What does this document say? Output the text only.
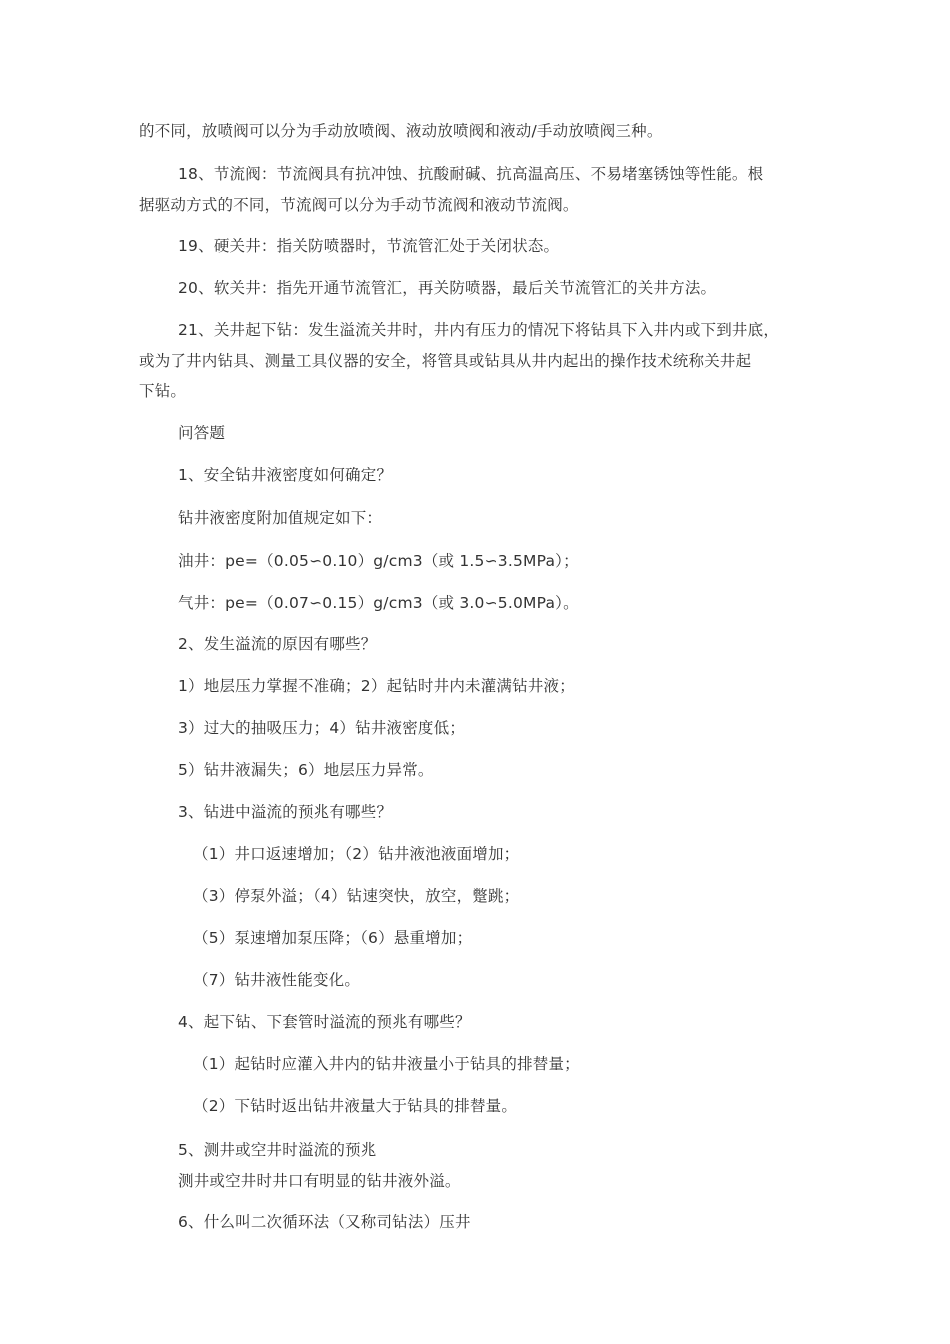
的不同，放喷阀可以分为手动放喷阀、液动放喷阀和液动/手动放喷阀三种。
18、节流阀：节流阀具有抗冲蚀、抗酸耐碱、抗高温高压、不易堵塞锈蚀等性能。根
据驱动方式的不同，节流阀可以分为手动节流阀和液动节流阀。
19、硬关井：指关防喷器时，节流管汇处于关闭状态。
20、软关井：指先开通节流管汇，再关防喷器，最后关节流管汇的关井方法。
21、关井起下钻：发生溢流关井时，井内有压力的情况下将钻具下入井内或下到井底，
或为了井内钻具、测量工具仪器的安全，将管具或钻具从井内起出的操作技术统称关井起
下钻。
问答题
1、安全钻井液密度如何确定？
钻井液密度附加值规定如下：
油井：pe=（0.05∽0.10）g/cm3（或 1.5∽3.5MPa）；
气井：pe=（0.07∽0.15）g/cm3（或 3.0∽5.0MPa）。
2、发生溢流的原因有哪些？
1）地层压力掌握不准确；2）起钻时井内未灌满钻井液；
3）过大的抽吸压力；4）钻井液密度低；
5）钻井液漏失；6）地层压力异常。
3、钻进中溢流的预兆有哪些？
（1）井口返速增加；（2）钻井液池液面增加；
（3）停泵外溢；（4）钻速突快，放空，蹩跳；
（5）泵速增加泵压降；（6）悬重增加；
（7）钻井液性能变化。
4、起下钻、下套管时溢流的预兆有哪些？
（1）起钻时应灌入井内的钻井液量小于钻具的排替量；
（2）下钻时返出钻井液量大于钻具的排替量。
5、测井或空井时溢流的预兆
测井或空井时井口有明显的钻井液外溢。
6、什么叫二次循环法（又称司钻法）压井
